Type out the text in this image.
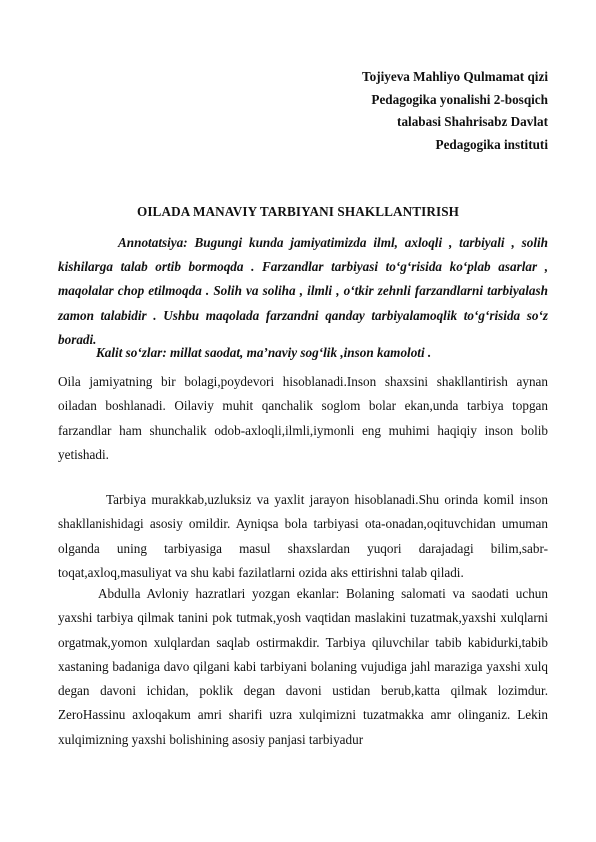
Tojiyeva Mahliyo Qulmamat qizi
Pedagogika yonalishi 2-bosqich
talabasi Shahrisabz Davlat
Pedagogika instituti
OILADA MANAVIY TARBIYANI SHAKLLANTIRISH
Annotatsiya: Bugungi kunda jamiyatimizda ilml, axloqli , tarbiyali , solih kishilarga talab ortib bormoqda . Farzandlar tarbiyasi to‘g‘risida ko‘plab asarlar , maqolalar chop etilmoqda . Solih va soliha , ilmli , o‘tkir zehnli farzandlarni tarbiyalash zamon talabidir . Ushbu maqolada farzandni qanday tarbiyalamoqlik to‘g‘risida so‘z boradi.
Kalit so‘zlar: millat saodat, ma’naviy sog‘lik ,inson kamoloti .
Oila jamiyatning bir bolagi,poydevori hisoblanadi.Inson shaxsini shakllantirish aynan oiladan boshlanadi. Oilaviy muhit qanchalik soglom bolar ekan,unda tarbiya topgan farzandlar ham shunchalik odob-axloqli,ilmli,iymonli eng muhimi haqiqiy inson bolib yetishadi.
Tarbiya murakkab,uzluksiz va yaxlit jarayon hisoblanadi.Shu orinda komil inson shakllanishidagi asosiy omildir. Ayniqsa bola tarbiyasi ota-onadan,oqituvchidan umuman olganda uning tarbiyasiga masul shaxslardan yuqori darajadagi bilim,sabr-toqat,axloq,masuliyat va shu kabi fazilatlarni ozida aks ettirishni talab qiladi.
Abdulla Avloniy hazratlari yozgan ekanlar: Bolaning salomati va saodati uchun yaxshi tarbiya qilmak tanini pok tutmak,yosh vaqtidan maslakini tuzatmak,yaxshi xulqlarni orgatmak,yomon xulqlardan saqlab ostirmakdir. Tarbiya qiluvchilar tabib kabidurki,tabib xastaning badaniga davo qilgani kabi tarbiyani bolaning vujudiga jahl maraziga yaxshi xulq degan davoni ichidan, poklik degan davoni ustidan berub,katta qilmak lozimdur. ZeroHassinu axloqakum amri sharifi uzra xulqimizni tuzatmakka amr olinganiz. Lekin xulqimizning yaxshi bolishining asosiy panjasi tarbiyadur
